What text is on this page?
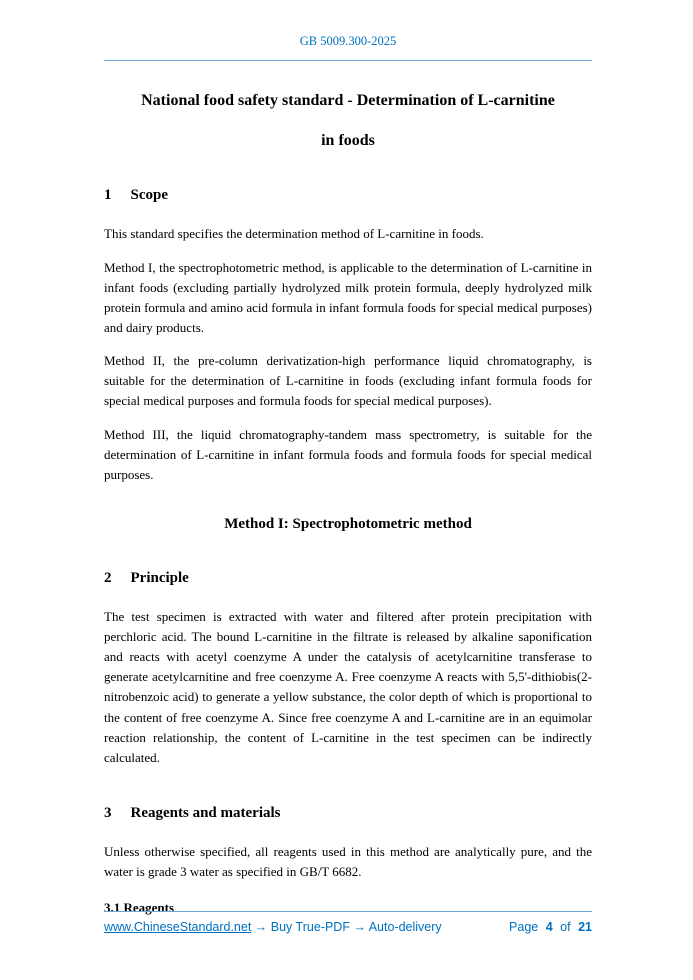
GB 5009.300-2025
National food safety standard - Determination of L-carnitine
in foods
1 Scope

This standard specifies the determination method of L-carnitine in foods.

Method I, the spectrophotometric method, is applicable to the determination of L-carnitine in infant foods (excluding partially hydrolyzed milk protein formula, deeply hydrolyzed milk protein formula and amino acid formula in infant formula foods for special medical purposes) and dairy products.

Method II, the pre-column derivatization-high performance liquid chromatography, is suitable for the determination of L-carnitine in foods (excluding infant formula foods for special medical purposes and formula foods for special medical purposes).

Method III, the liquid chromatography-tandem mass spectrometry, is suitable for the determination of L-carnitine in infant formula foods and formula foods for special medical purposes.

Method I: Spectrophotometric method
2 Principle

The test specimen is extracted with water and filtered after protein precipitation with perchloric acid. The bound L-carnitine in the filtrate is released by alkaline saponification and reacts with acetyl coenzyme A under the catalysis of acetylcarnitine transferase to generate acetylcarnitine and free coenzyme A. Free coenzyme A reacts with 5,5'-dithiobis(2-nitrobenzoic acid) to generate a yellow substance, the color depth of which is proportional to the content of free coenzyme A. Since free coenzyme A and L-carnitine are in an equimolar reaction relationship, the content of L-carnitine in the test specimen can be indirectly calculated.

3 Reagents and materials

Unless otherwise specified, all reagents used in this method are analytically pure, and the water is grade 3 water as specified in GB/T 6682.

3.1 Reagents
www.ChineseStandard.net → Buy True-PDF → Auto-delivery	Page 4 of 21
